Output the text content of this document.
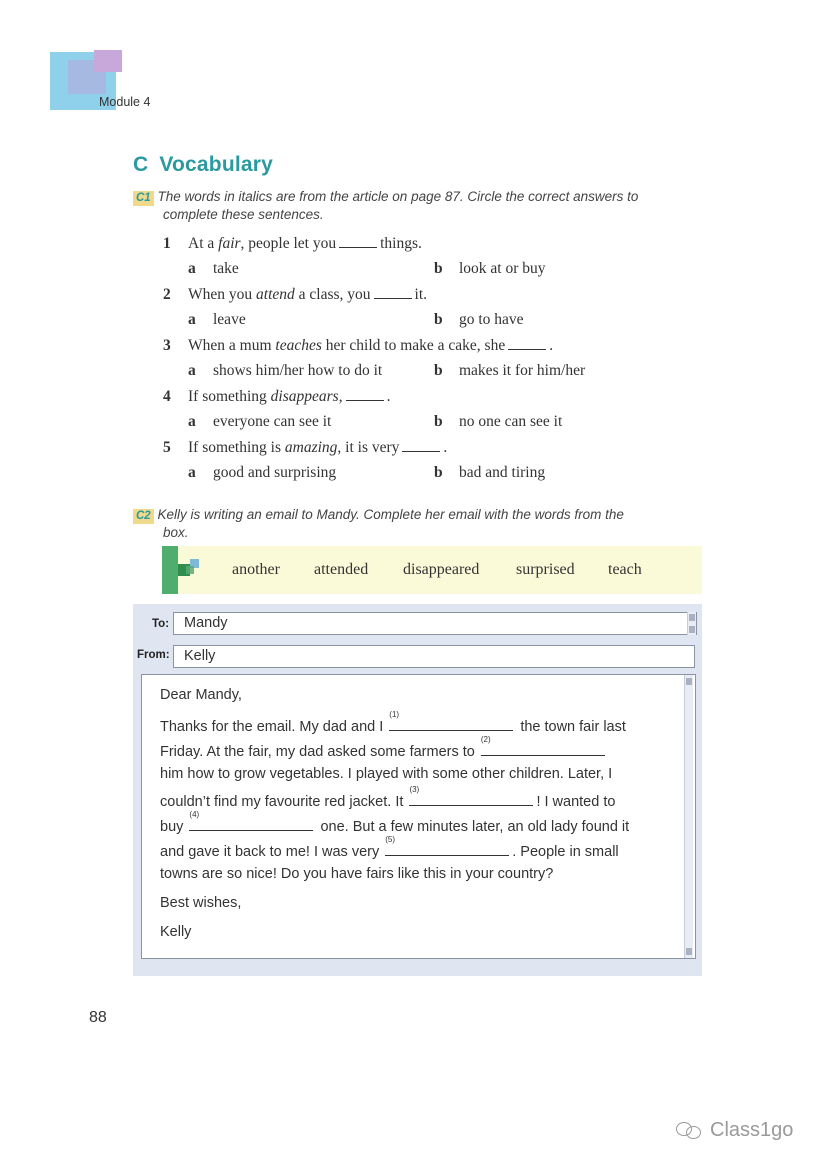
Module 4
C Vocabulary
C1 The words in italics are from the article on page 87. Circle the correct answers to
complete these sentences.
1 At a fair, people let you	things.
a take	b look at or buy
2 When you attend a class, you	it.
a leave	b go to have
3 When a mum teaches her child to make a cake, she	.
a shows him/her how to do it	b makes it for him/her
4 If something disappears,	.
a everyone can see it	b no one can see it
5 If something is amazing, it is very	.
a good and surprising	b bad and tiring
C2 Kelly is writing an email to Mandy. Complete her email with the words from the
box.
another attended disappeared surprised teach
To:	Mandy
From: Kelly
Dear Mandy,
Thanks for the email. My dad and I
(1)
the town fair last
Friday. At the fair, my dad asked some farmers to
(2)
him how to grow vegetables. I played with some other children. Later, I
couldn’t find my favourite red jacket. It
(3)
! I wanted to
buy
(4)
one. But a few minutes later, an old lady found it
and gave it back to me! I was very
(5)
. People in small
towns are so nice! Do you have fairs like this in your country?
Best wishes,
Kelly
88
Class1go
